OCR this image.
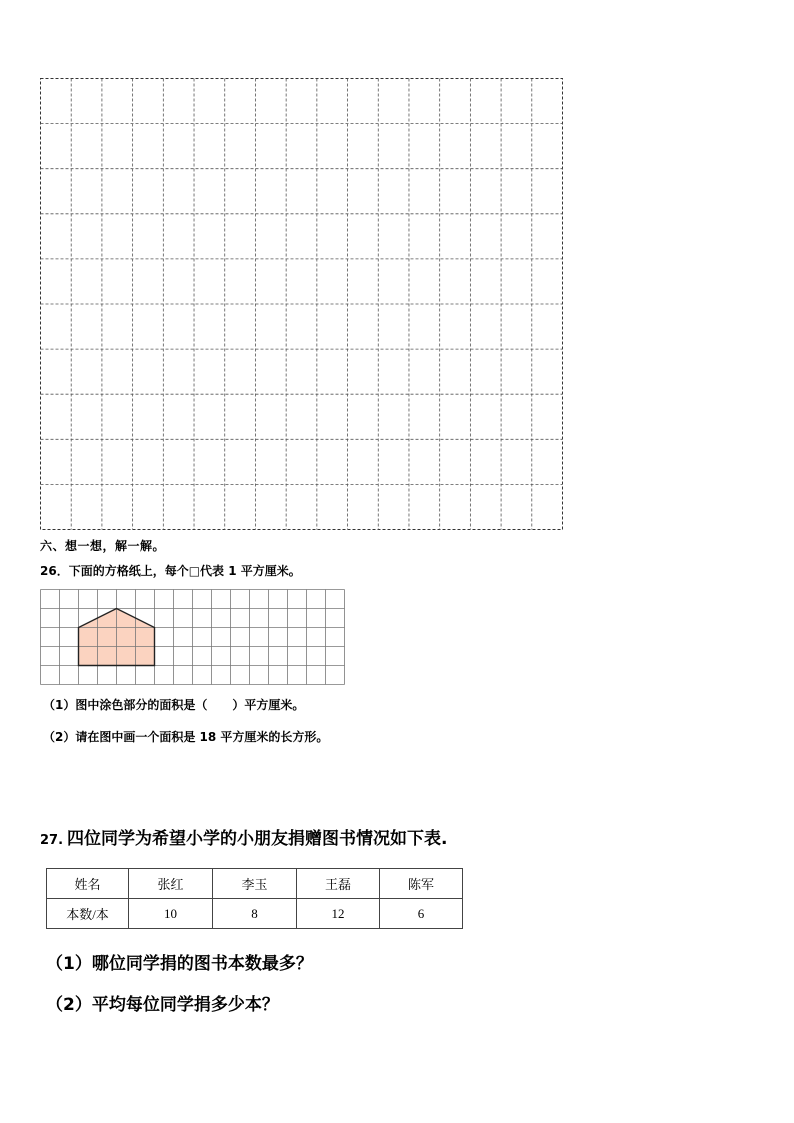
六、想一想，解一解。
26．下面的方格纸上，每个□代表 1 平方厘米。
（1）图中涂色部分的面积是（      ）平方厘米。
（2）请在图中画一个面积是 18 平方厘米的长方形。
27. 四位同学为希望小学的小朋友捐赠图书情况如下表.
姓名	张红	李玉	王磊	陈军
本数/本	10	8	12	6
（1）哪位同学捐的图书本数最多？
（2）平均每位同学捐多少本？
